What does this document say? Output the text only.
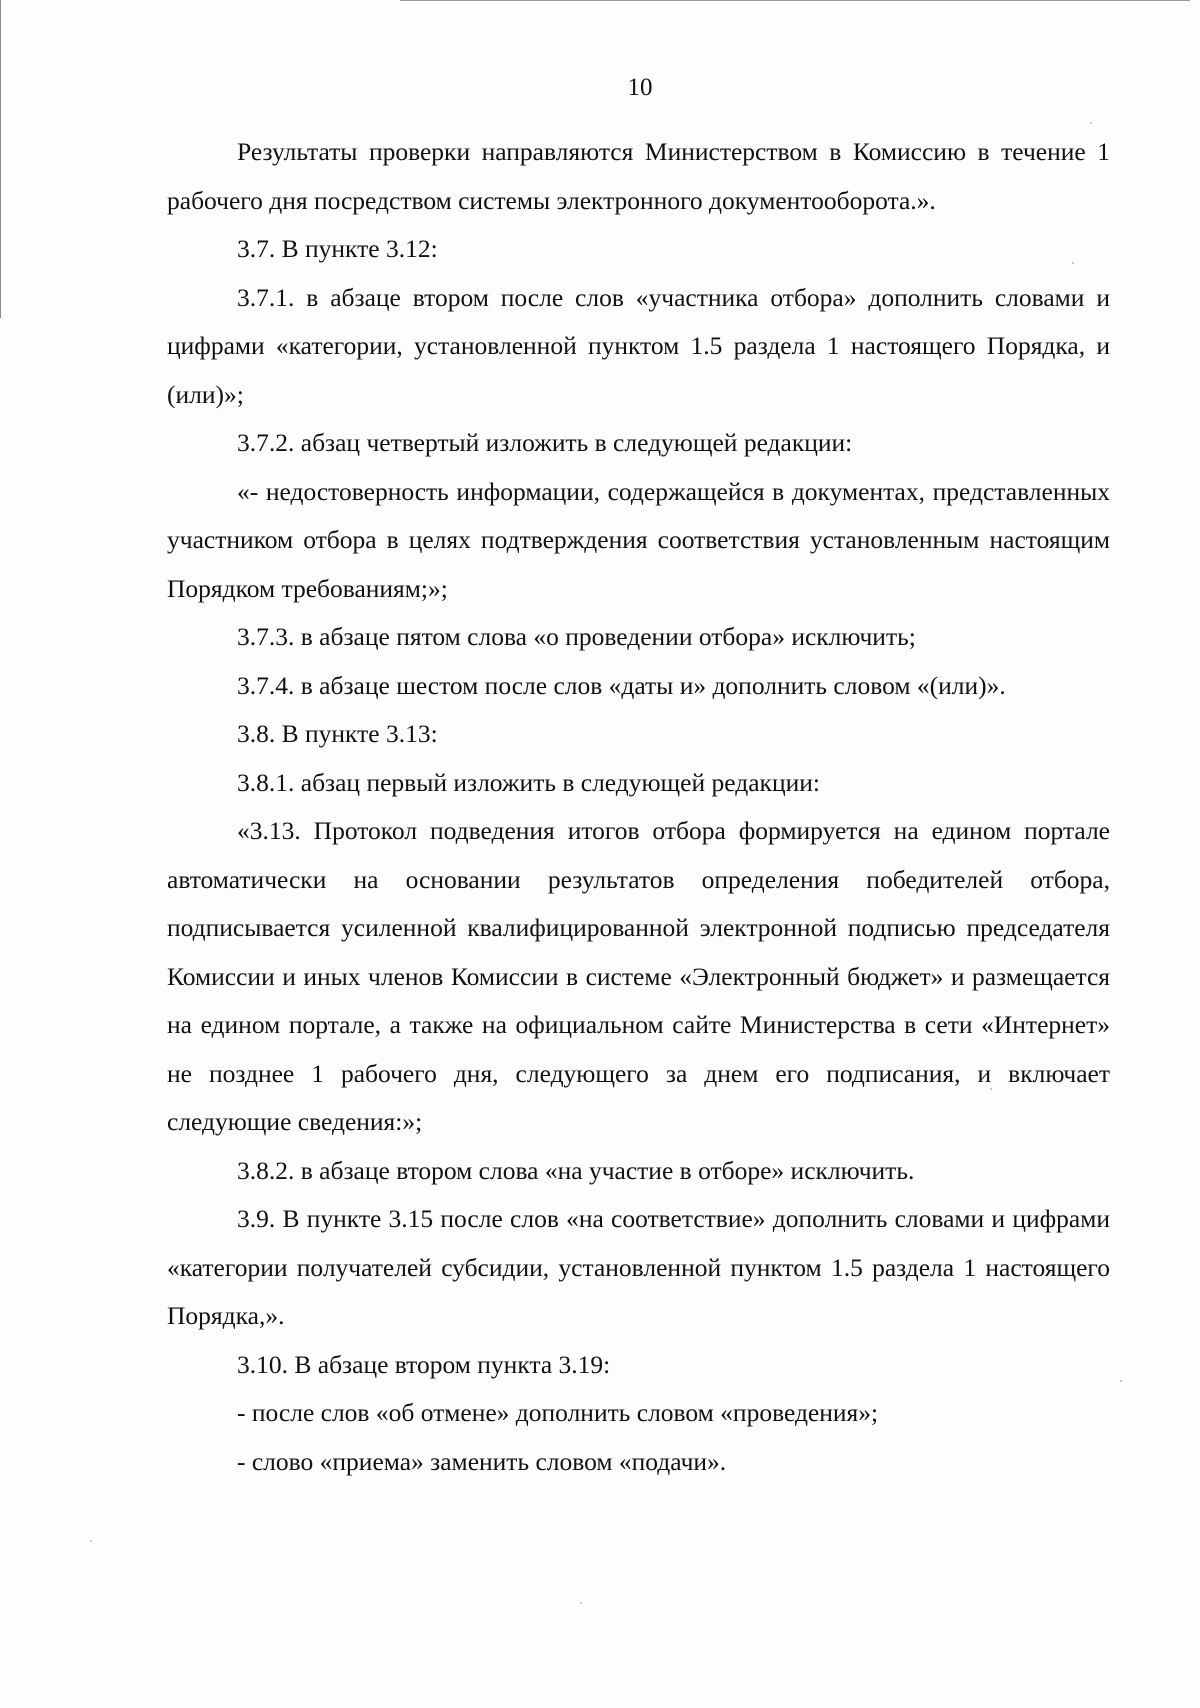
10

Результаты проверки направляются Министерством в Комиссию в течение 1 рабочего дня посредством системы электронного документооборота.».

3.7. В пункте 3.12:

3.7.1. в абзаце втором после слов «участника отбора» дополнить словами и цифрами «категории, установленной пунктом 1.5 раздела 1 настоящего Порядка, и (или)»;

3.7.2. абзац четвертый изложить в следующей редакции:

«- недостоверность информации, содержащейся в документах, представленных участником отбора в целях подтверждения соответствия установленным настоящим Порядком требованиям;»;

3.7.3. в абзаце пятом слова «о проведении отбора» исключить;

3.7.4. в абзаце шестом после слов «даты и» дополнить словом «(или)».

3.8. В пункте 3.13:

3.8.1. абзац первый изложить в следующей редакции:

«3.13. Протокол подведения итогов отбора формируется на едином портале автоматически на основании результатов определения победителей отбора, подписывается усиленной квалифицированной электронной подписью председателя Комиссии и иных членов Комиссии в системе «Электронный бюджет» и размещается на едином портале, а также на официальном сайте Министерства в сети «Интернет» не позднее 1 рабочего дня, следующего за днем его подписания, и включает следующие сведения:»;

3.8.2. в абзаце втором слова «на участие в отборе» исключить.

3.9. В пункте 3.15 после слов «на соответствие» дополнить словами и цифрами «категории получателей субсидии, установленной пунктом 1.5 раздела 1 настоящего Порядка,».

3.10. В абзаце втором пункта 3.19:

- после слов «об отмене» дополнить словом «проведения»;

- слово «приема» заменить словом «подачи».
